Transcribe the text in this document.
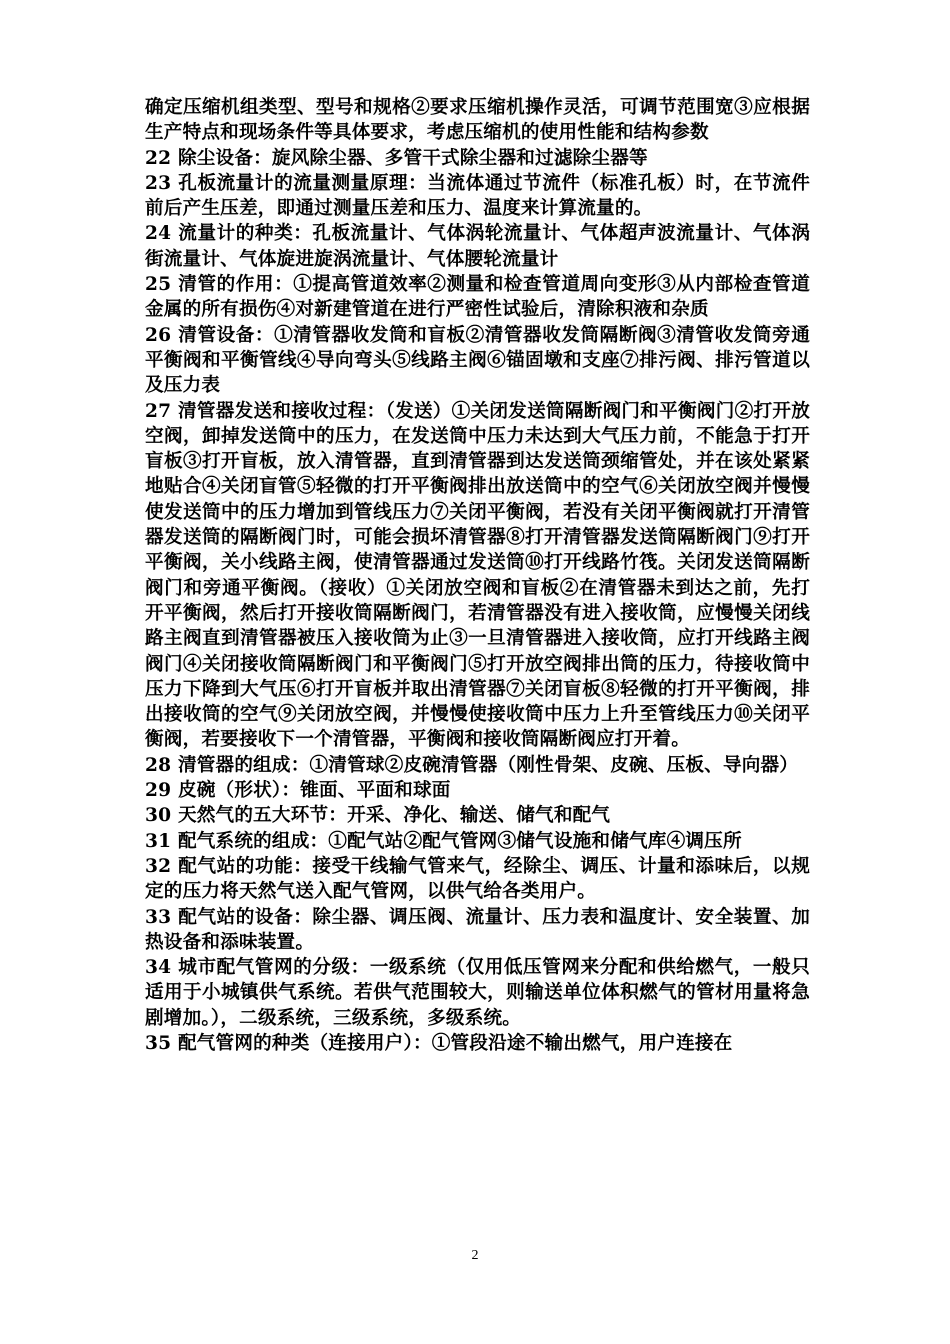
确定压缩机组类型、型号和规格②要求压缩机操作灵活，可调节范围宽③应根据生产特点和现场条件等具体要求，考虑压缩机的使用性能和结构参数

22 除尘设备：旋风除尘器、多管干式除尘器和过滤除尘器等

23 孔板流量计的流量测量原理：当流体通过节流件（标准孔板）时，在节流件前后产生压差，即通过测量压差和压力、温度来计算流量的。

24 流量计的种类：孔板流量计、气体涡轮流量计、气体超声波流量计、气体涡街流量计、气体旋进旋涡流量计、气体腰轮流量计

25 清管的作用：①提高管道效率②测量和检查管道周向变形③从内部检查管道金属的所有损伤④对新建管道在进行严密性试验后，清除积液和杂质

26 清管设备：①清管器收发筒和盲板②清管器收发筒隔断阀③清管收发筒旁通平衡阀和平衡管线④导向弯头⑤线路主阀⑥锚固墩和支座⑦排污阀、排污管道以及压力表

27 清管器发送和接收过程：（发送）①关闭发送筒隔断阀门和平衡阀门②打开放空阀，卸掉发送筒中的压力，在发送筒中压力未达到大气压力前，不能急于打开盲板③打开盲板，放入清管器，直到清管器到达发送筒颈缩管处，并在该处紧紧地贴合④关闭盲管⑤轻微的打开平衡阀排出放送筒中的空气⑥关闭放空阀并慢慢使发送筒中的压力增加到管线压力⑦关闭平衡阀，若没有关闭平衡阀就打开清管器发送筒的隔断阀门时，可能会损坏清管器⑧打开清管器发送筒隔断阀门⑨打开平衡阀，关小线路主阀，使清管器通过发送筒⑩打开线路竹筏。关闭发送筒隔断阀门和旁通平衡阀。（接收）①关闭放空阀和盲板②在清管器未到达之前，先打开平衡阀，然后打开接收筒隔断阀门，若清管器没有进入接收筒，应慢慢关闭线路主阀直到清管器被压入接收筒为止③一旦清管器进入接收筒，应打开线路主阀阀门④关闭接收筒隔断阀门和平衡阀门⑤打开放空阀排出筒的压力，待接收筒中压力下降到大气压⑥打开盲板并取出清管器⑦关闭盲板⑧轻微的打开平衡阀，排出接收筒的空气⑨关闭放空阀，并慢慢使接收筒中压力上升至管线压力⑩关闭平衡阀，若要接收下一个清管器，平衡阀和接收筒隔断阀应打开着。

28 清管器的组成：①清管球②皮碗清管器（刚性骨架、皮碗、压板、导向器）

29 皮碗（形状）：锥面、平面和球面

30 天然气的五大环节：开采、净化、输送、储气和配气

31 配气系统的组成：①配气站②配气管网③储气设施和储气库④调压所

32 配气站的功能：接受干线输气管来气，经除尘、调压、计量和添味后，以规定的压力将天然气送入配气管网，以供气给各类用户。

33 配气站的设备：除尘器、调压阀、流量计、压力表和温度计、安全装置、加热设备和添味装置。

34 城市配气管网的分级：一级系统（仅用低压管网来分配和供给燃气，一般只适用于小城镇供气系统。若供气范围较大，则输送单位体积燃气的管材用量将急剧增加。），二级系统，三级系统，多级系统。

35 配气管网的种类（连接用户）：①管段沿途不输出燃气，用户连接在

2
